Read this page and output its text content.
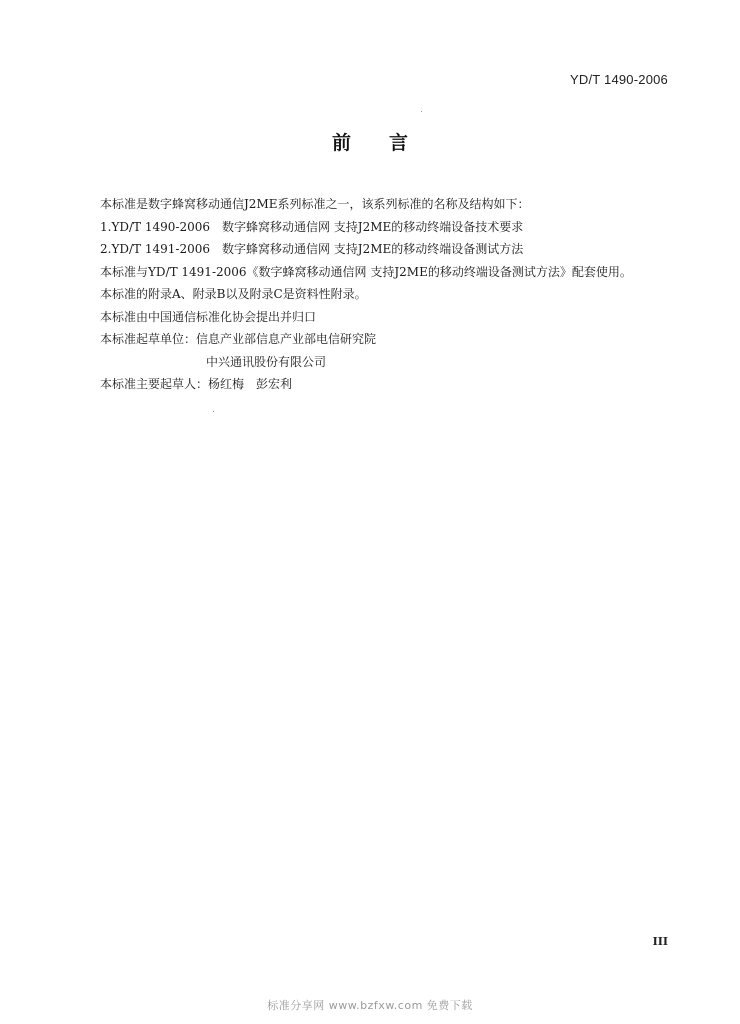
YD/T 1490-2006
前言
本标准是数字蜂窝移动通信J2ME系列标准之一，该系列标准的名称及结构如下：
1.YD/T 1490-2006　数字蜂窝移动通信网 支持J2ME的移动终端设备技术要求
2.YD/T 1491-2006　数字蜂窝移动通信网 支持J2ME的移动终端设备测试方法
本标准与YD/T 1491-2006《数字蜂窝移动通信网 支持J2ME的移动终端设备测试方法》配套使用。
本标准的附录A、附录B以及附录C是资料性附录。
本标准由中国通信标准化协会提出并归口
本标准起草单位：信息产业部信息产业部电信研究院
中兴通讯股份有限公司
本标准主要起草人：杨红梅　彭宏利
III
标准分享网 www.bzfxw.com 免费下载
